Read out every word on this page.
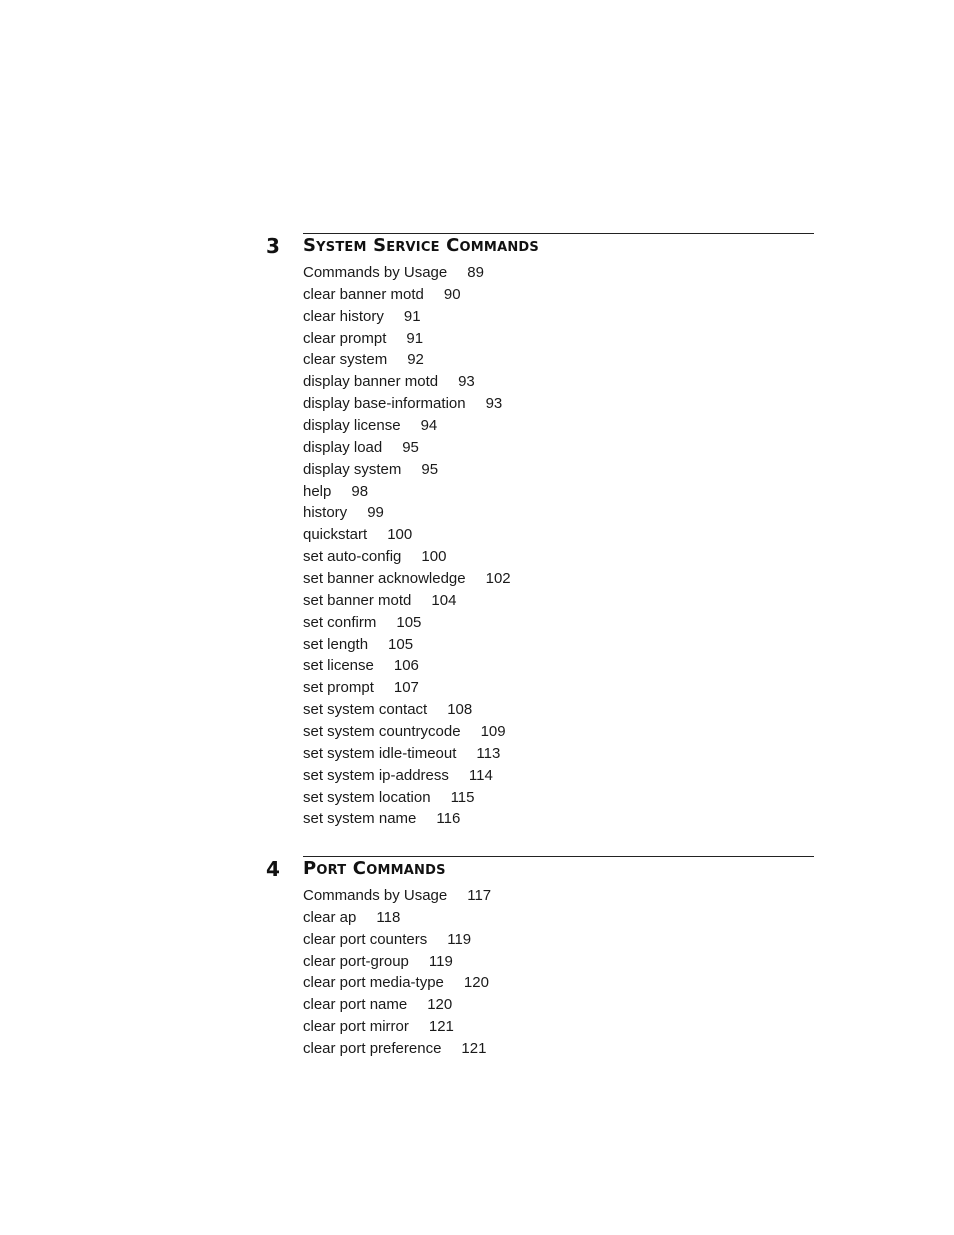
3 System Service Commands
Commands by Usage 89
clear banner motd 90
clear history 91
clear prompt 91
clear system 92
display banner motd 93
display base-information 93
display license 94
display load 95
display system 95
help 98
history 99
quickstart 100
set auto-config 100
set banner acknowledge 102
set banner motd 104
set confirm 105
set length 105
set license 106
set prompt 107
set system contact 108
set system countrycode 109
set system idle-timeout 113
set system ip-address 114
set system location 115
set system name 116
4 Port Commands
Commands by Usage 117
clear ap 118
clear port counters 119
clear port-group 119
clear port media-type 120
clear port name 120
clear port mirror 121
clear port preference 121
